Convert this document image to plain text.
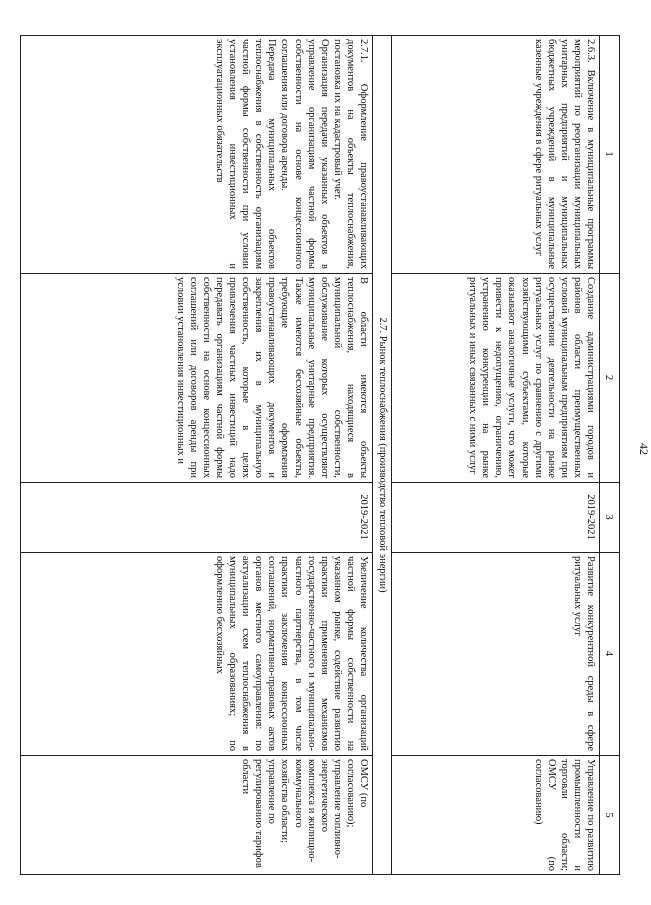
42
1
2
3
4
5
2.6.3. Включение в муниципальные программы мероприятий по реорганизации муниципальных унитарных предприятий и муниципальных бюджетных учреждений в муниципальные казенные учреждения в сфере ритуальных услуг
Создание администрациями городов и районов области преимущественных условий муниципальным предприятиям при осуществлении деятельности на рынке ритуальных услуг по сравнению с другими хозяйствующими субъектами, которые оказывают аналогичные услуги, что может привести к недопущению, ограничению, устранению конкуренции на рынке ритуальных и иных связанных с ними услуг
2019-2021
Развитие конкурентной среды в сфере ритуальных услуг
Управление по развитию промышленности и торговли области; ОМСУ (по согласованию)
2.7. Рынок теплоснабжения (производство тепловой энергии)

2.7.1. Оформление правоустанавливающих документов на объекты теплоснабжения, постановка их на кадастровый учет.

Организация передачи указанных объектов в управление организациям частной формы собственности на основе концессионного соглашения или договора аренды.

Передача муниципальных объектов теплоснабжения в собственность организациям частной формы собственности при условии установления инвестиционных и эксплуатационных обязательств

В области имеются объекты теплоснабжения, находящиеся в муниципальной собственности, обслуживание которых осуществляют муниципальные унитарные предприятия. Также имеются бесхозяйные объекты, требующие оформления правоустанавливающих документов и закрепления их в муниципальную собственность, которые в целях привлечения частных инвестиций надо передавать организациям частной формы собственности на основе концессионных соглашений или договоров аренды при условии установления инвестиционных и
2019-2021
Увеличение количества организаций частной формы собственности на указанном рынке, содействие развитию практики применения механизмов государственно-частного и муниципально-частного партнерства, в том числе практики заключения концессионных соглашений, нормативно-правовых актов органов местного самоуправления: по актуализации схем теплоснабжения в муниципальных образованиях; по оформлению бесхозяйных
ОМСУ (по согласованию); управление топливно-энергетического комплекса и жилищно-коммунального хозяйства области; управление по регулированию тарифов области
